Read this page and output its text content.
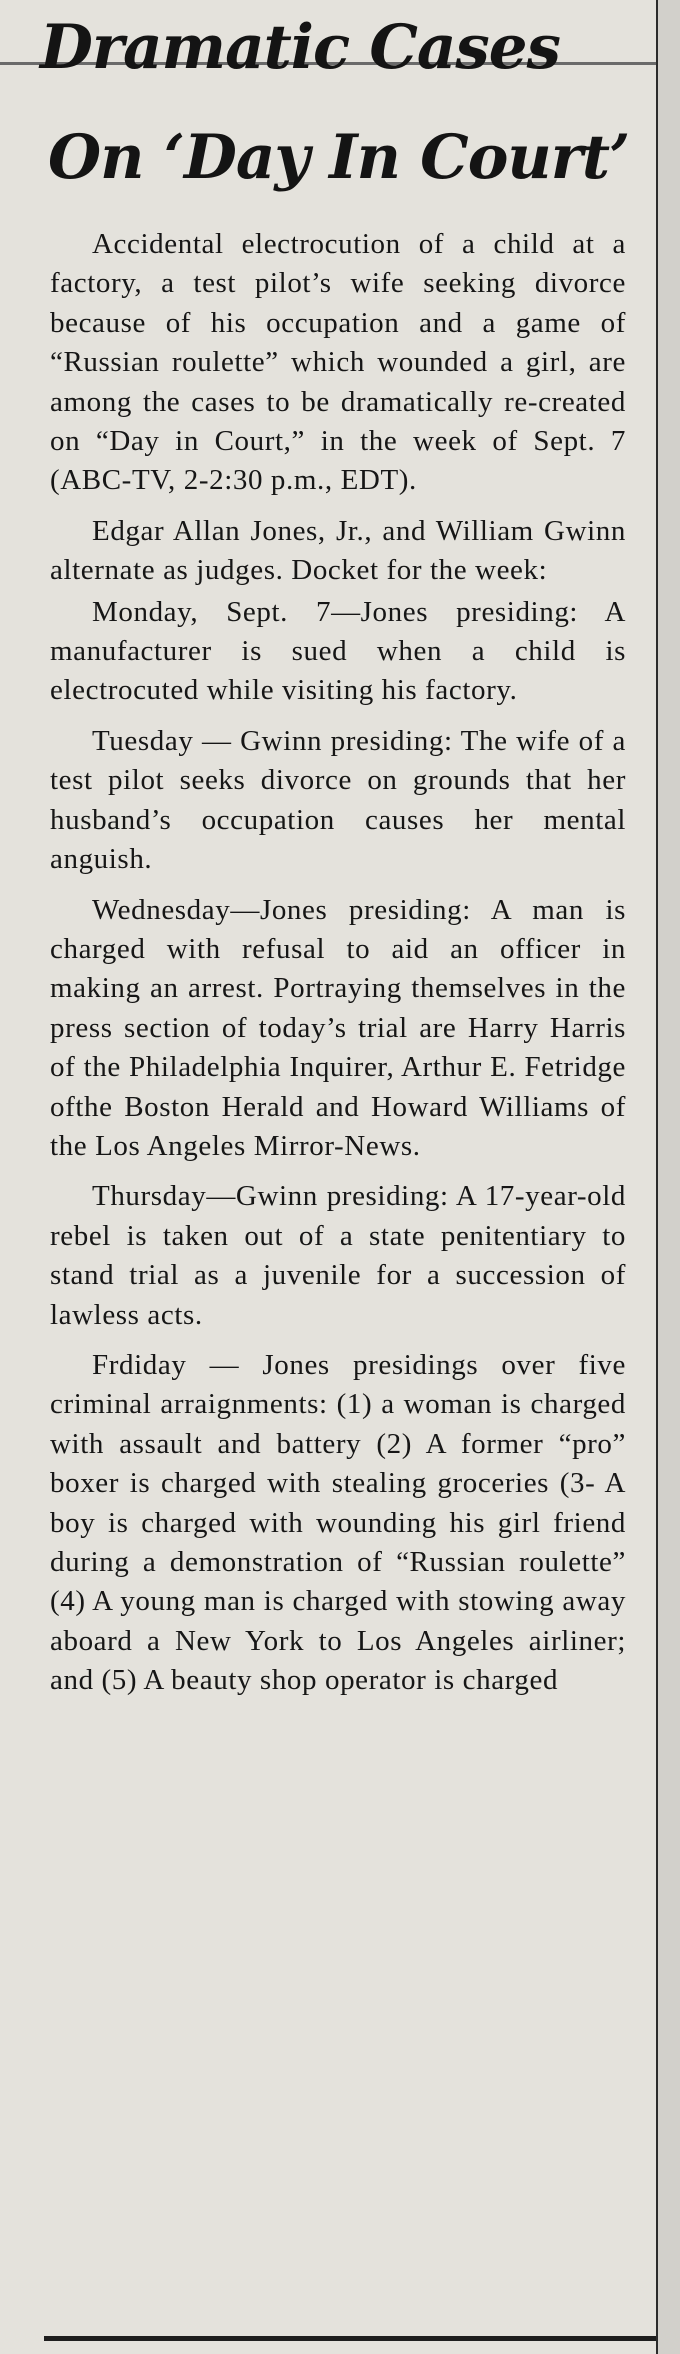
Dramatic Cases
On ‘Day In Court’

Accidental electrocution of a child at a factory, a test pilot’s wife seeking divorce because of his occupation and a game of “Russian roulette” which wounded a girl, are among the cases to be dramatically re-created on “Day in Court,” in the week of Sept. 7 (ABC-TV, 2-2:30 p.m., EDT).

Edgar Allan Jones, Jr., and William Gwinn alternate as judges. Docket for the week:

Monday, Sept. 7—Jones presiding: A manufacturer is sued when a child is electrocuted while visiting his factory.

Tuesday — Gwinn presiding: The wife of a test pilot seeks divorce on grounds that her husband’s occupation causes her mental anguish.

Wednesday—Jones presiding: A man is charged with refusal to aid an officer in making an arrest. Portraying themselves in the press section of today’s trial are Harry Harris of the Philadelphia Inquirer, Arthur E. Fetridge ofthe Boston Herald and Howard Williams of the Los Angeles Mirror-News.

Thursday—Gwinn presiding: A 17-year-old rebel is taken out of a state penitentiary to stand trial as a juvenile for a succession of lawless acts.

Frdiday — Jones presidings over five criminal arraignments: (1) a woman is charged with assault and battery (2) A former “pro” boxer is charged with stealing groceries (3- A boy is charged with wounding his girl friend during a demonstration of “Russian roulette” (4) A young man is charged with stowing away aboard a New York to Los Angeles airliner; and (5) A beauty shop operator is charged
